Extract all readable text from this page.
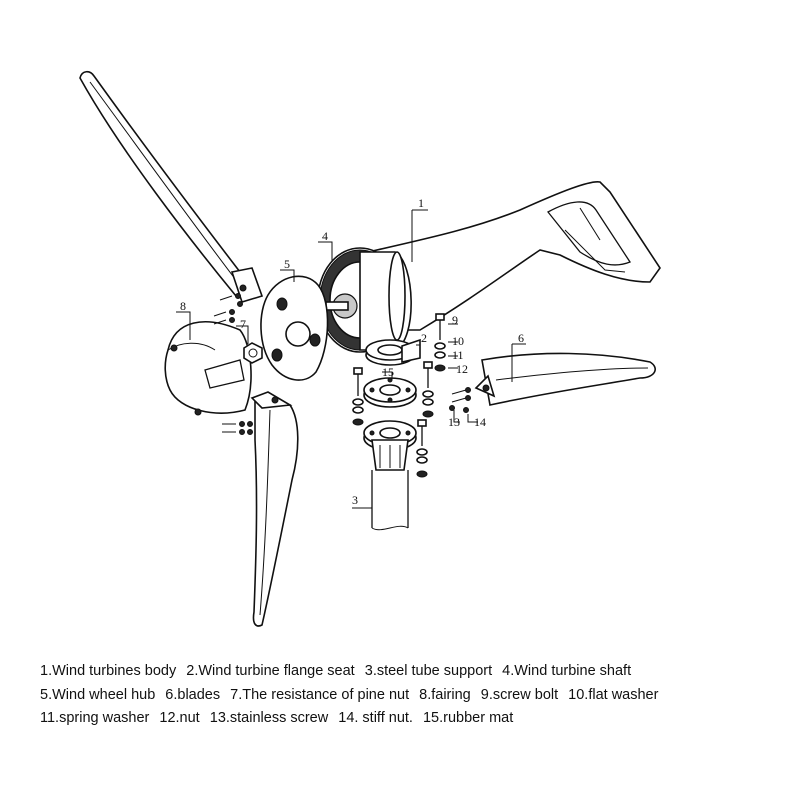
1
2
3
4
5
6
7
8
9
10
11
12
13 14
15
1.Wind turbines body 2.Wind turbine flange seat 3.steel tube support 4.Wind turbine shaft
5.Wind wheel hub 6.blades 7.The resistance of pine nut 8.fairing 9.screw bolt 10.flat washer
11.spring washer 12.nut 13.stainless screw 14. stiff nut. 15.rubber mat
